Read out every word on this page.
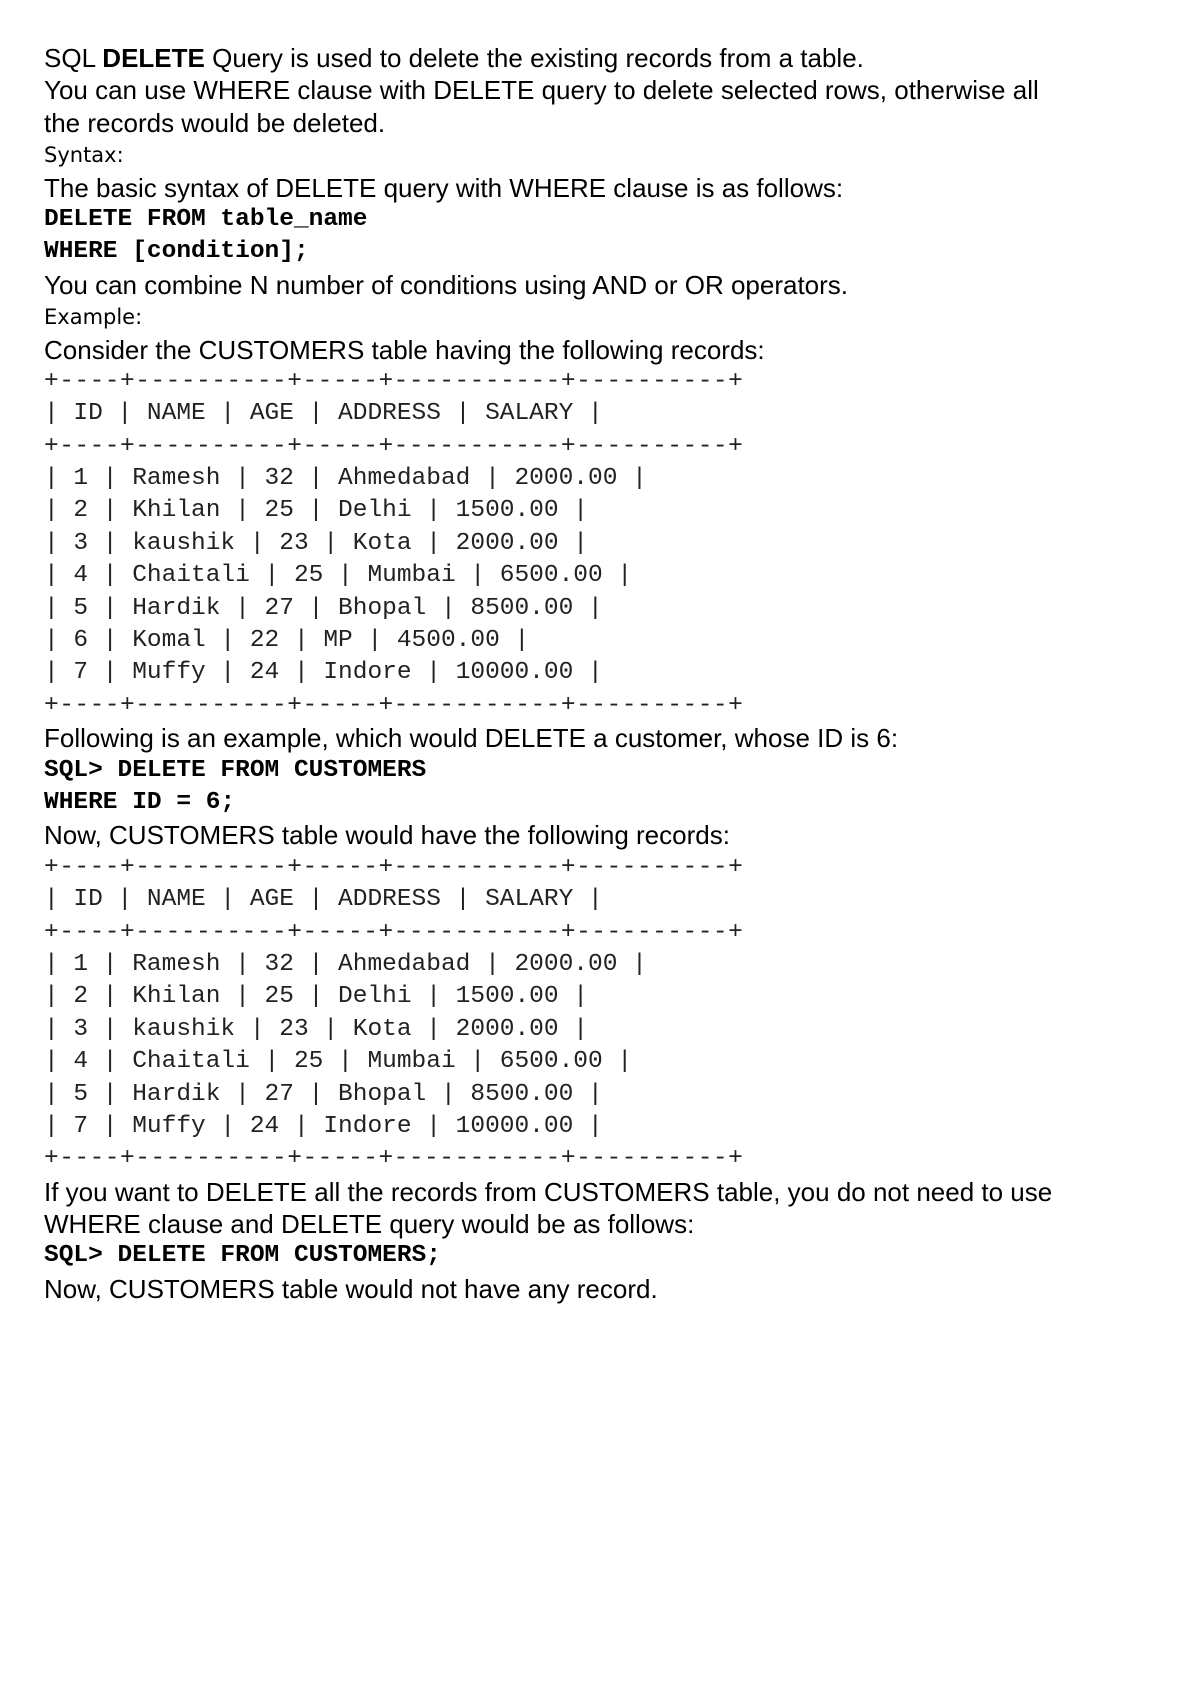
SQL DELETE Query is used to delete the existing records from a table.
You can use WHERE clause with DELETE query to delete selected rows, otherwise all
the records would be deleted.
Syntax:
The basic syntax of DELETE query with WHERE clause is as follows:
DELETE FROM table_name
WHERE [condition];
You can combine N number of conditions using AND or OR operators.
Example:
Consider the CUSTOMERS table having the following records:
+----+----------+-----+-----------+----------+
| ID | NAME | AGE | ADDRESS | SALARY |
+----+----------+-----+-----------+----------+
| 1 | Ramesh | 32 | Ahmedabad | 2000.00 |
| 2 | Khilan | 25 | Delhi | 1500.00 |
| 3 | kaushik | 23 | Kota | 2000.00 |
| 4 | Chaitali | 25 | Mumbai | 6500.00 |
| 5 | Hardik | 27 | Bhopal | 8500.00 |
| 6 | Komal | 22 | MP | 4500.00 |
| 7 | Muffy | 24 | Indore | 10000.00 |
+----+----------+-----+-----------+----------+
Following is an example, which would DELETE a customer, whose ID is 6:
SQL> DELETE FROM CUSTOMERS
WHERE ID = 6;
Now, CUSTOMERS table would have the following records:
+----+----------+-----+-----------+----------+
| ID | NAME | AGE | ADDRESS | SALARY |
+----+----------+-----+-----------+----------+
| 1 | Ramesh | 32 | Ahmedabad | 2000.00 |
| 2 | Khilan | 25 | Delhi | 1500.00 |
| 3 | kaushik | 23 | Kota | 2000.00 |
| 4 | Chaitali | 25 | Mumbai | 6500.00 |
| 5 | Hardik | 27 | Bhopal | 8500.00 |
| 7 | Muffy | 24 | Indore | 10000.00 |
+----+----------+-----+-----------+----------+
If you want to DELETE all the records from CUSTOMERS table, you do not need to use
WHERE clause and DELETE query would be as follows:
SQL> DELETE FROM CUSTOMERS;
Now, CUSTOMERS table would not have any record.
